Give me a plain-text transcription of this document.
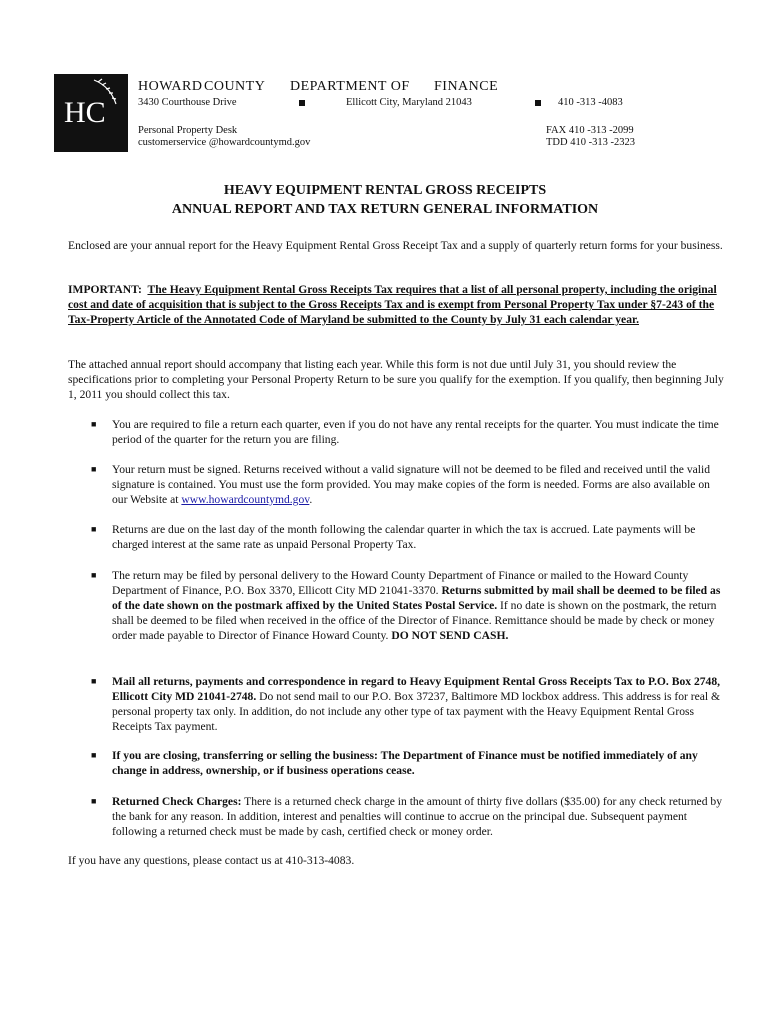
HC
HOWARD COUNTY DEPARTMENT OF FINANCE
3430 Courthouse Drive	Ellicott City, Maryland 21043	410 -313 -4083
Personal Property Desk
customerservice @howardcountymd.gov
FAX 410 -313 -2099
TDD 410 -313 -2323
HEAVY EQUIPMENT RENTAL GROSS RECEIPTS
ANNUAL REPORT AND TAX RETURN GENERAL INFORMATION
Enclosed are your annual report for the Heavy Equipment Rental Gross Receipt Tax and a supply of quarterly return forms for your business.
IMPORTANT: The Heavy Equipment Rental Gross Receipts Tax requires that a list of all personal property, including the original cost and date of acquisition that is subject to the Gross Receipts Tax and is exempt from Personal Property Tax under §7-243 of the Tax-Property Article of the Annotated Code of Maryland be submitted to the County by July 31 each calendar year.
The attached annual report should accompany that listing each year. While this form is not due until July 31, you should review the specifications prior to completing your Personal Property Return to be sure you qualify for the exemption. If you qualify, then beginning July 1, 2011 you should collect this tax.
■ You are required to file a return each quarter, even if you do not have any rental receipts for the quarter. You must indicate the time period of the quarter for the return you are filing.
■ Your return must be signed. Returns received without a valid signature will not be deemed to be filed and received until the valid signature is contained. You must use the form provided. You may make copies of the form is needed. Forms are also available on our Website at www.howardcountymd.gov.
■ Returns are due on the last day of the month following the calendar quarter in which the tax is accrued. Late payments will be charged interest at the same rate as unpaid Personal Property Tax.
■ The return may be filed by personal delivery to the Howard County Department of Finance or mailed to the Howard County Department of Finance, P.O. Box 3370, Ellicott City MD 21041-3370. Returns submitted by mail shall be deemed to be filed as of the date shown on the postmark affixed by the United States Postal Service. If no date is shown on the postmark, the return shall be deemed to be filed when received in the office of the Director of Finance. Remittance should be made by check or money order made payable to Director of Finance Howard County. DO NOT SEND CASH.
■ Mail all returns, payments and correspondence in regard to Heavy Equipment Rental Gross Receipts Tax to P.O. Box 2748, Ellicott City MD 21041-2748. Do not send mail to our P.O. Box 37237, Baltimore MD lockbox address. This address is for real & personal property tax only. In addition, do not include any other type of tax payment with the Heavy Equipment Rental Gross Receipts Tax payment.
■ If you are closing, transferring or selling the business: The Department of Finance must be notified immediately of any change in address, ownership, or if business operations cease.
■ Returned Check Charges: There is a returned check charge in the amount of thirty five dollars ($35.00) for any check returned by the bank for any reason. In addition, interest and penalties will continue to accrue on the principal due. Subsequent payment following a returned check must be made by cash, certified check or money order.
If you have any questions, please contact us at 410-313-4083.
